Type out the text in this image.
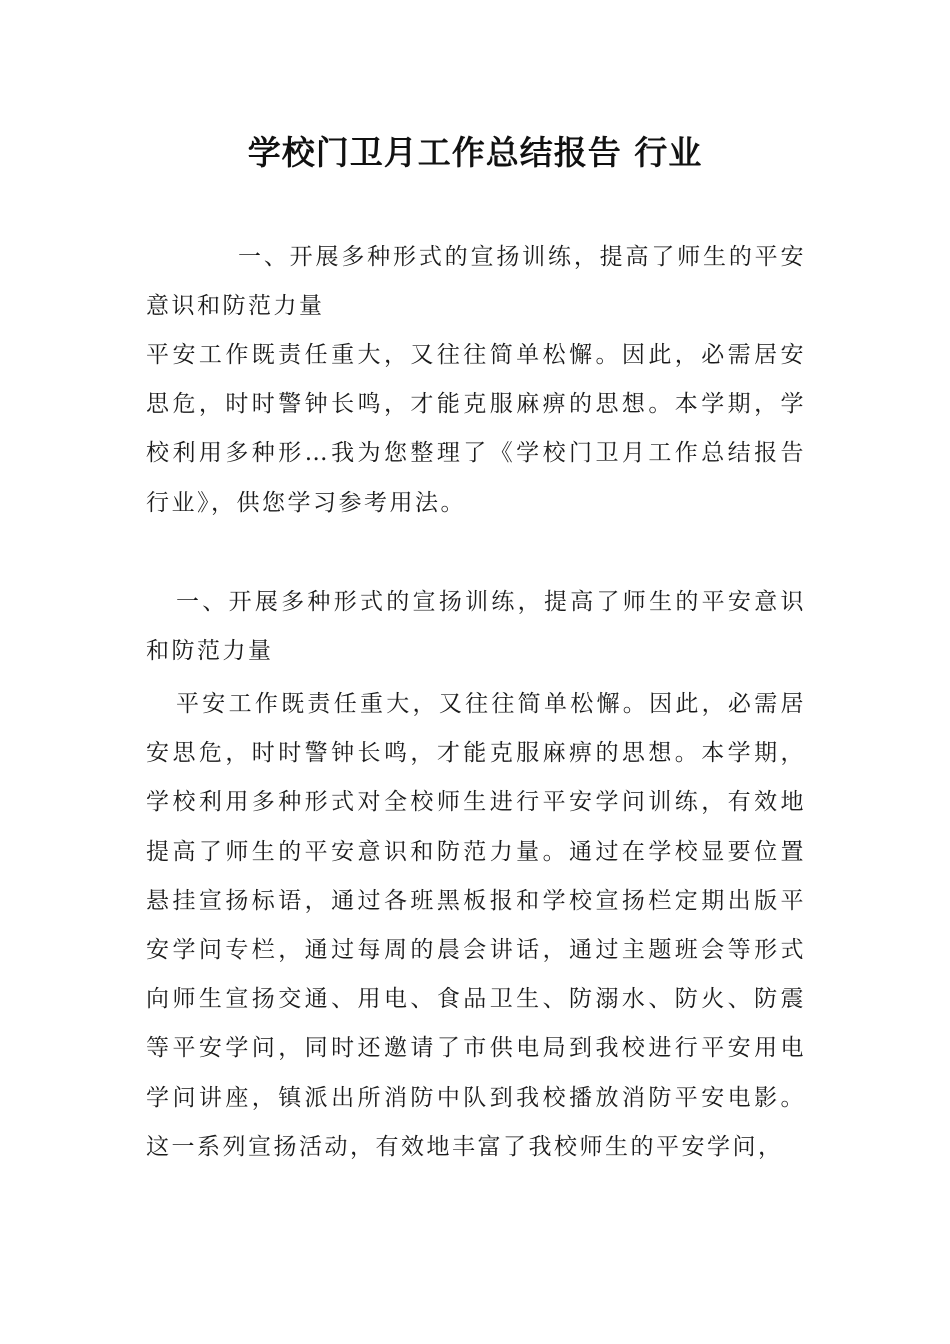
学校门卫月工作总结报告 行业

一、开展多种形式的宣扬训练，提高了师生的平安意识和防范力量

平安工作既责任重大，又往往简单松懈。因此，必需居安思危，时时警钟长鸣，才能克服麻痹的思想。本学期，学校利用多种形…我为您整理了《学校门卫月工作总结报告行业》，供您学习参考用法。

一、开展多种形式的宣扬训练，提高了师生的平安意识和防范力量

平安工作既责任重大，又往往简单松懈。因此，必需居安思危，时时警钟长鸣，才能克服麻痹的思想。本学期，学校利用多种形式对全校师生进行平安学问训练，有效地提高了师生的平安意识和防范力量。通过在学校显要位置悬挂宣扬标语，通过各班黑板报和学校宣扬栏定期出版平安学问专栏，通过每周的晨会讲话，通过主题班会等形式向师生宣扬交通、用电、食品卫生、防溺水、防火、防震等平安学问，同时还邀请了市供电局到我校进行平安用电学问讲座，镇派出所消防中队到我校播放消防平安电影。这一系列宣扬活动，有效地丰富了我校师生的平安学问，
